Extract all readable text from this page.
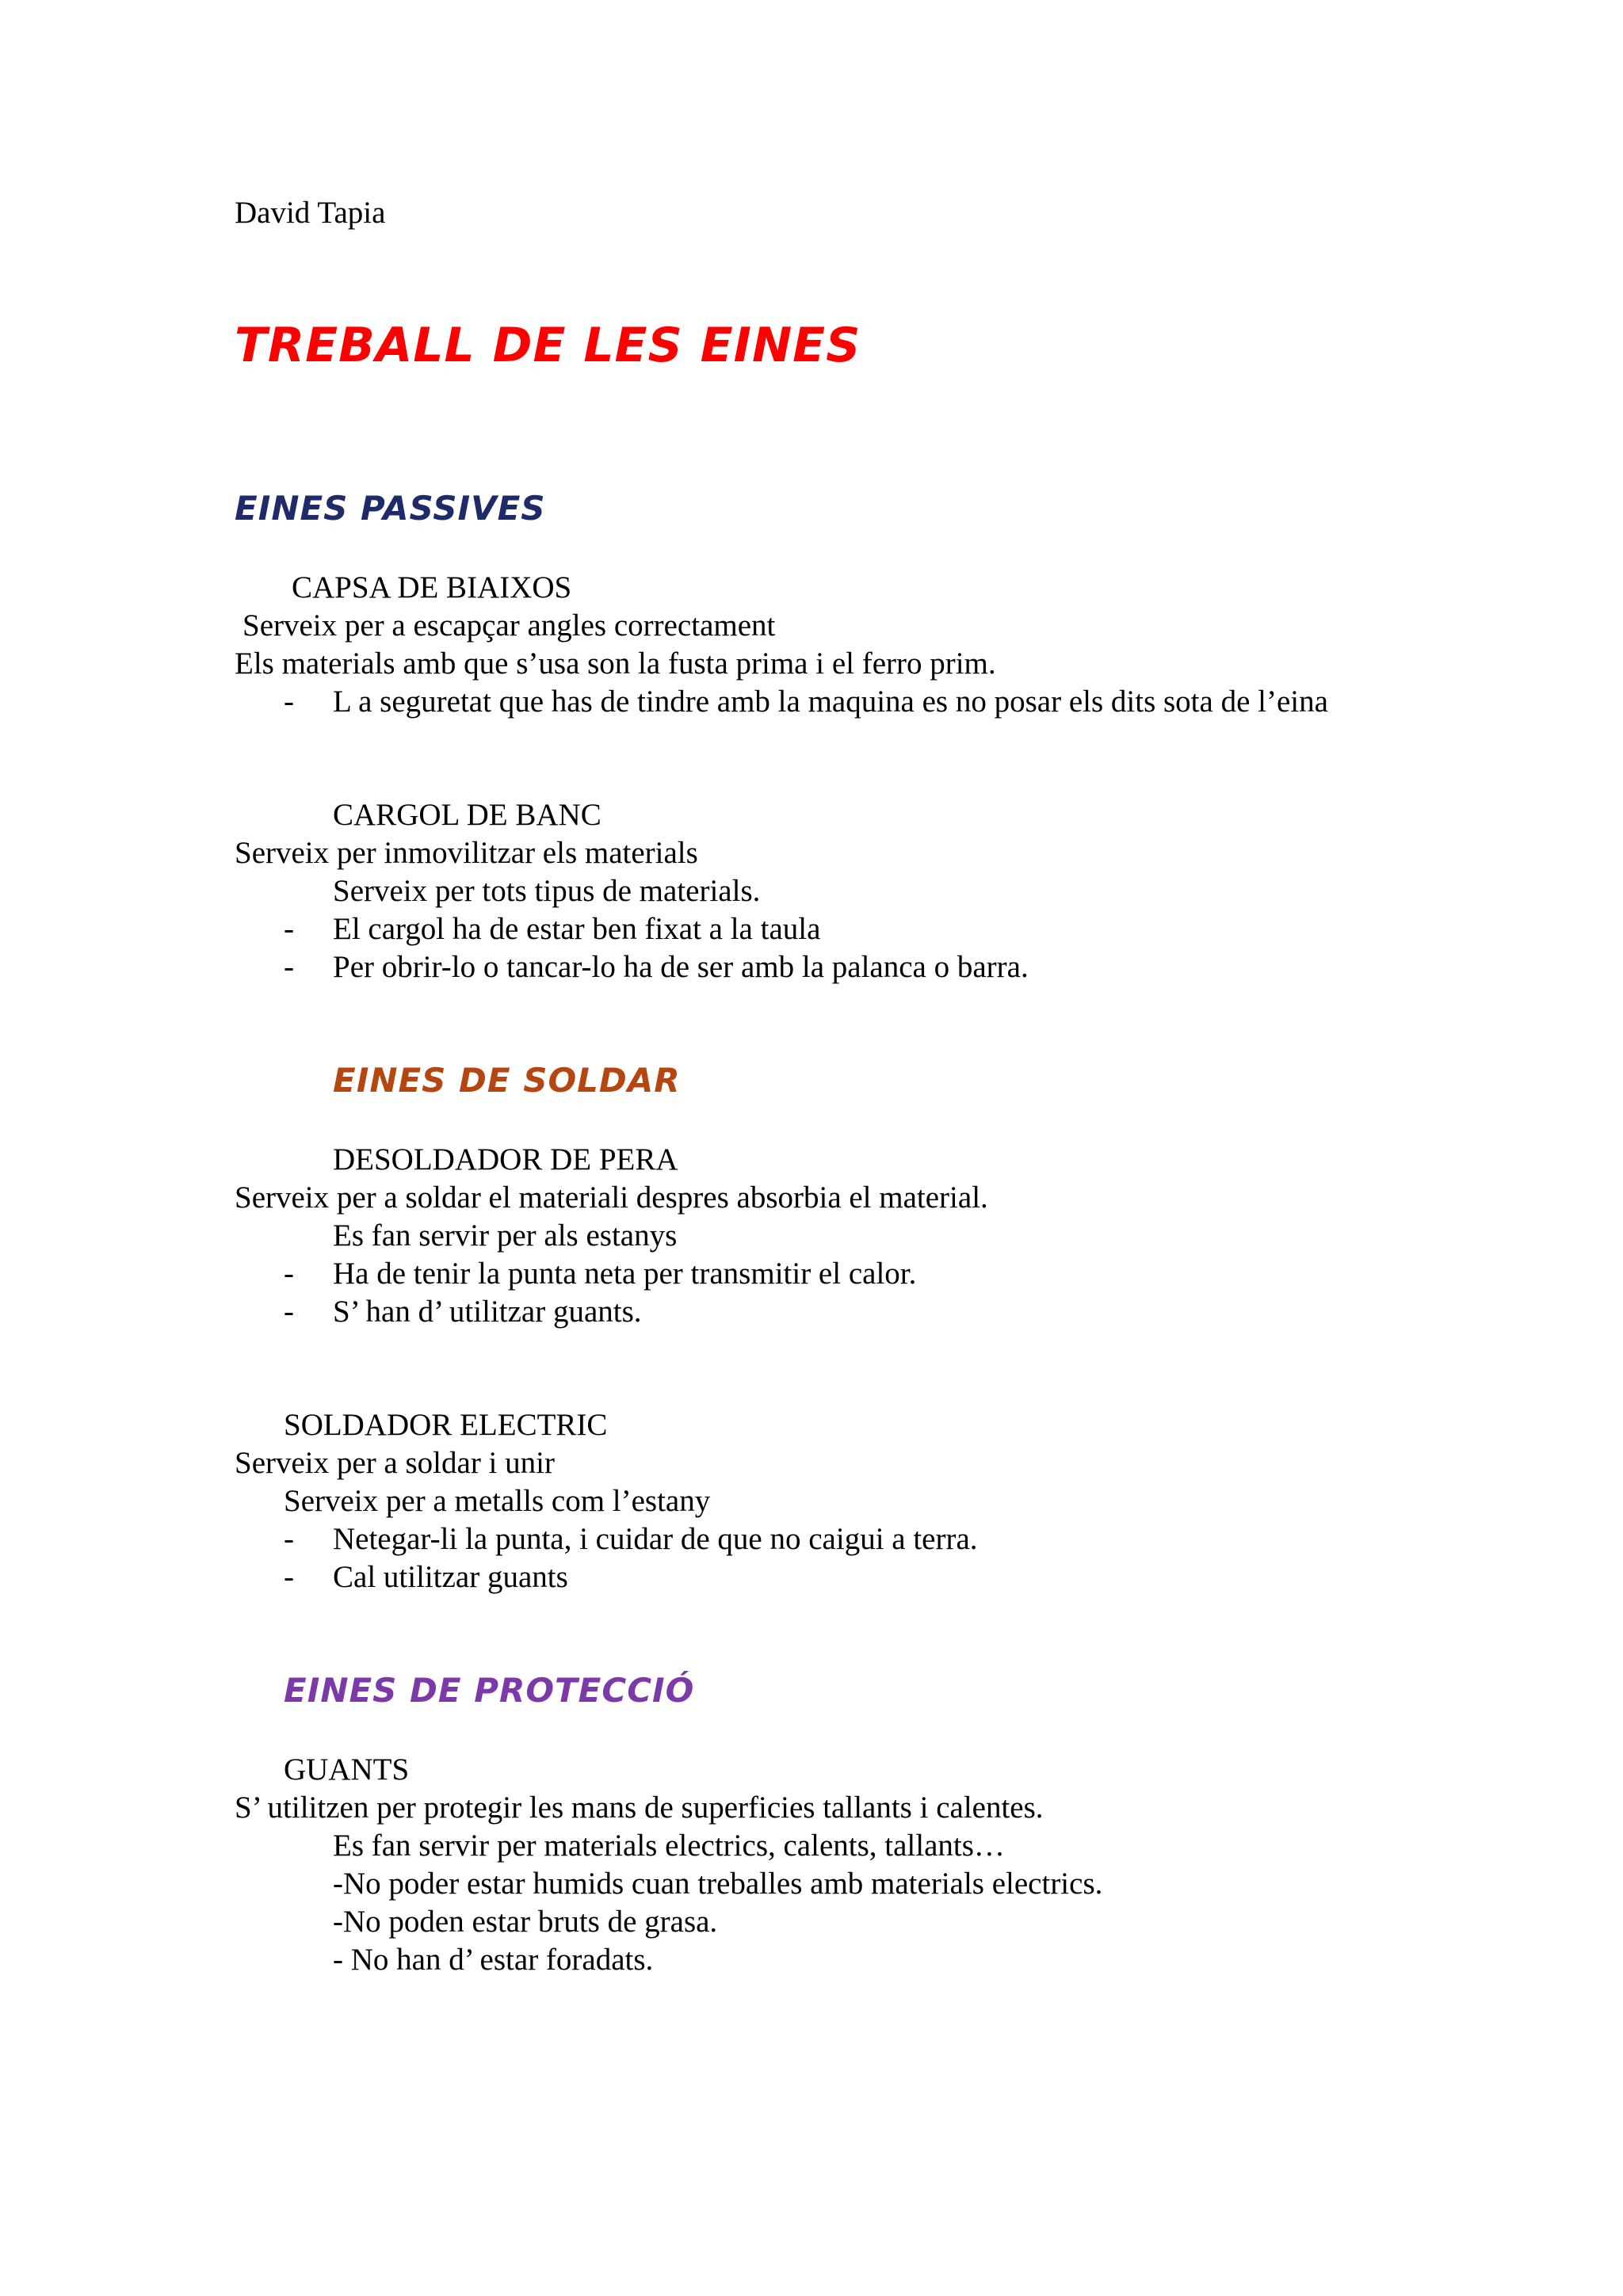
David Tapia

TREBALL DE LES EINES
EINES PASSIVES

CAPSA DE BIAIXOS

Serveix per a escapçar angles correctament

Els materials amb que s’usa son la fusta prima i el ferro prim.

- L a seguretat que has de tindre amb la maquina es no posar els dits sota de l’eina

CARGOL DE BANC

Serveix per inmovilitzar els materials

Serveix per tots tipus de materials.

- El cargol ha de estar ben fixat a la taula

- Per obrir-lo o tancar-lo ha de ser amb la palanca o barra.

EINES DE SOLDAR

DESOLDADOR DE PERA

Serveix per a soldar el materiali despres absorbia el material.

Es fan servir per als estanys

- Ha de tenir la punta neta per transmitir el calor.

- S’ han d’ utilitzar guants.

SOLDADOR ELECTRIC

Serveix per a soldar i unir

Serveix per a metalls com l’estany

- Netegar-li la punta, i cuidar de que no caigui a terra.

- Cal utilitzar guants

EINES DE PROTECCIÓ

GUANTS

S’ utilitzen per protegir les mans de superficies tallants i calentes.

Es fan servir per materials electrics, calents, tallants…

-No poder estar humids cuan treballes amb materials electrics.

-No poden estar bruts de grasa.

- No han d’ estar foradats.
